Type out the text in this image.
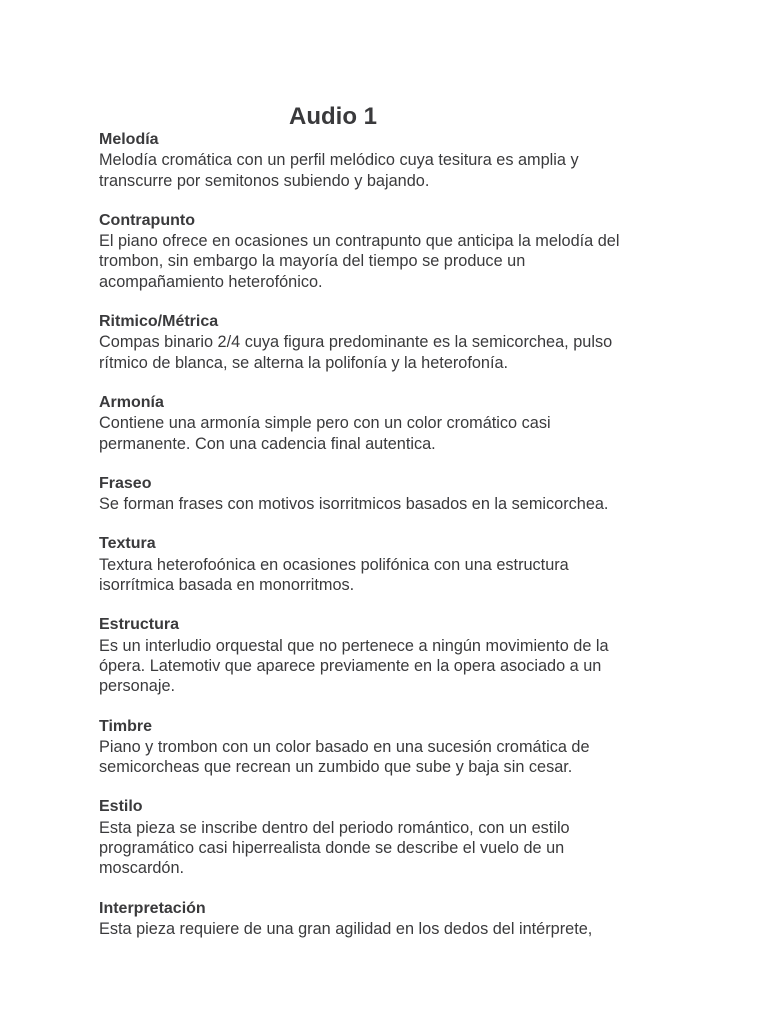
Audio 1

Melodía

Melodía cromática con un perfil melódico cuya tesitura es amplia y
transcurre por semitonos subiendo y bajando.

Contrapunto

El piano ofrece en ocasiones un contrapunto que anticipa la melodía del
trombon, sin embargo la mayoría del tiempo se produce un
acompañamiento heterofónico.

Ritmico/Métrica

Compas binario 2/4 cuya figura predominante es la semicorchea, pulso
rítmico de blanca, se alterna la polifonía y la heterofonía.

Armonía

Contiene una armonía simple pero con un color cromático casi
permanente. Con una cadencia final autentica.

Fraseo

Se forman frases con motivos isorritmicos basados en la semicorchea.

Textura

Textura heterofoónica en ocasiones polifónica con una estructura
isorrítmica basada en monorritmos.

Estructura

Es un interludio orquestal que no pertenece a ningún movimiento de la
ópera. Latemotiv que aparece previamente en la opera asociado a un
personaje.

Timbre

Piano y trombon con un color basado en una sucesión cromática de
semicorcheas que recrean un zumbido que sube y baja sin cesar.

Estilo

Esta pieza se inscribe dentro del periodo romántico, con un estilo
programático casi hiperrealista donde se describe el vuelo de un
moscardón.

Interpretación

Esta pieza requiere de una gran agilidad en los dedos del intérprete,
